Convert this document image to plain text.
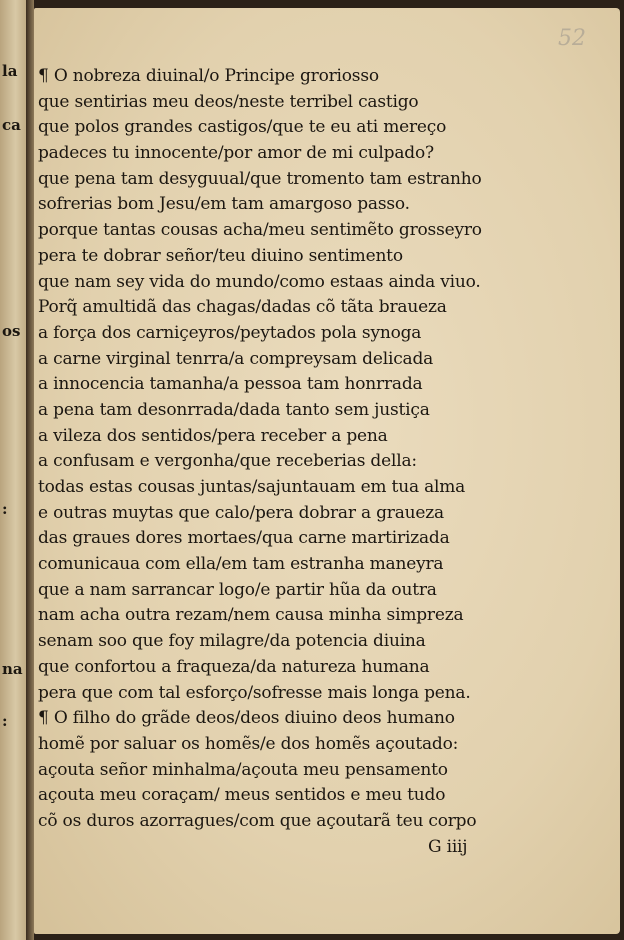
la
ca
os
:
na
:
52
¶ O nobreza diuinal/o Principe groriosso
que sentirias meu deos/neste terribel castigo
que polos grandes castigos/que te eu ati mereço
padeces tu innocente/por amor de mi culpado?
que pena tam desyguual/que tromento tam estranho
sofrerias bom Jesu/em tam amargoso passo.
porque tantas cousas acha/meu sentimẽto grosseyro
pera te dobrar señor/teu diuino sentimento
que nam sey vida do mundo/como estaas ainda viuo.
Porq̃ amultidã das chagas/dadas cõ tãta braueza
a força dos carniçeyros/peytados pola synoga
a carne virginal tenrra/a compreysam delicada
a innocencia tamanha/a pessoa tam honrrada
a pena tam desonrrada/dada tanto sem justiça
a vileza dos sentidos/pera receber a pena
a confusam e vergonha/que receberias della:
todas estas cousas juntas/sajuntauam em tua alma
e outras muytas que calo/pera dobrar a graueza
das graues dores mortaes/qua carne martirizada
comunicaua com ella/em tam estranha maneyra
que a nam sarrancar logo/e partir hũa da outra
nam acha outra rezam/nem causa minha simpreza
senam soo que foy milagre/da potencia diuina
que confortou a fraqueza/da natureza humana
pera que com tal esforço/sofresse mais longa pena.
¶ O filho do grãde deos/deos diuino deos humano
homẽ por saluar os homẽs/e dos homẽs açoutado:
açouta señor minhalma/açouta meu pensamento
açouta meu coraçam/ meus sentidos e meu tudo
cõ os duros azorragues/com que açoutarã teu corpo
G iiij
